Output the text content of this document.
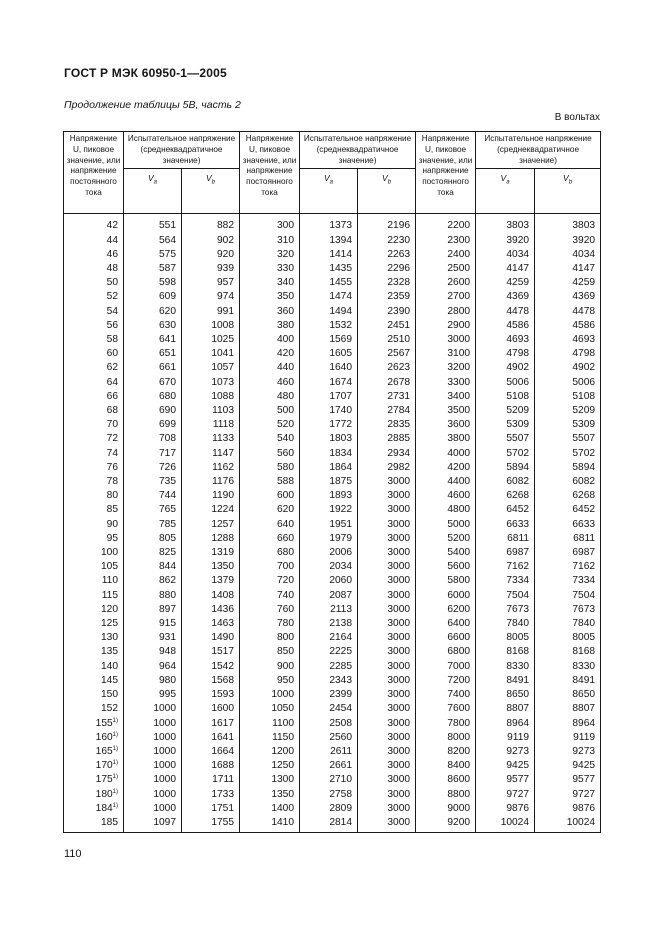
ГОСТ Р МЭК 60950-1—2005
Продолжение таблицы 5В, часть 2
В вольтах
Напряжение U, пиковое значение, или напряжение постоянного тока	Испытательное напряжение (среднеквадратичное значение)		Напряжение U, пиковое значение, или напряжение постоянного тока	Испытательное напряжение (среднеквадратичное значение)		Напряжение U, пиковое значение, или напряжение постоянного тока	Испытательное напряжение (среднеквадратичное значение)	
	$V_a$	$V_b$		$V_a$	$V_b$		$V_a$	$V_b$
42	551	882	300	1373	2196	2200	3803	3803
44	564	902	310	1394	2230	2300	3920	3920
46	575	920	320	1414	2263	2400	4034	4034
48	587	939	330	1435	2296	2500	4147	4147
50	598	957	340	1455	2328	2600	4259	4259
52	609	974	350	1474	2359	2700	4369	4369
54	620	991	360	1494	2390	2800	4478	4478
56	630	1008	380	1532	2451	2900	4586	4586
58	641	1025	400	1569	2510	3000	4693	4693
60	651	1041	420	1605	2567	3100	4798	4798
62	661	1057	440	1640	2623	3200	4902	4902
64	670	1073	460	1674	2678	3300	5006	5006
66	680	1088	480	1707	2731	3400	5108	5108
68	690	1103	500	1740	2784	3500	5209	5209
70	699	1118	520	1772	2835	3600	5309	5309
72	708	1133	540	1803	2885	3800	5507	5507
74	717	1147	560	1834	2934	4000	5702	5702
76	726	1162	580	1864	2982	4200	5894	5894
78	735	1176	588	1875	3000	4400	6082	6082
80	744	1190	600	1893	3000	4600	6268	6268
85	765	1224	620	1922	3000	4800	6452	6452
90	785	1257	640	1951	3000	5000	6633	6633
95	805	1288	660	1979	3000	5200	6811	6811
100	825	1319	680	2006	3000	5400	6987	6987
105	844	1350	700	2034	3000	5600	7162	7162
110	862	1379	720	2060	3000	5800	7334	7334
115	880	1408	740	2087	3000	6000	7504	7504
120	897	1436	760	2113	3000	6200	7673	7673
125	915	1463	780	2138	3000	6400	7840	7840
130	931	1490	800	2164	3000	6600	8005	8005
135	948	1517	850	2225	3000	6800	8168	8168
140	964	1542	900	2285	3000	7000	8330	8330
145	980	1568	950	2343	3000	7200	8491	8491
150	995	1593	1000	2399	3000	7400	8650	8650
152	1000	1600	1050	2454	3000	7600	8807	8807
155$^{1)}$	1000	1617	1100	2508	3000	7800	8964	8964
160$^{1)}$	1000	1641	1150	2560	3000	8000	9119	9119
165$^{1)}$	1000	1664	1200	2611	3000	8200	9273	9273
170$^{1)}$	1000	1688	1250	2661	3000	8400	9425	9425
175$^{1)}$	1000	1711	1300	2710	3000	8600	9577	9577
180$^{1)}$	1000	1733	1350	2758	3000	8800	9727	9727
184$^{1)}$	1000	1751	1400	2809	3000	9000	9876	9876
185	1097	1755	1410	2814	3000	9200	10024	10024
110
